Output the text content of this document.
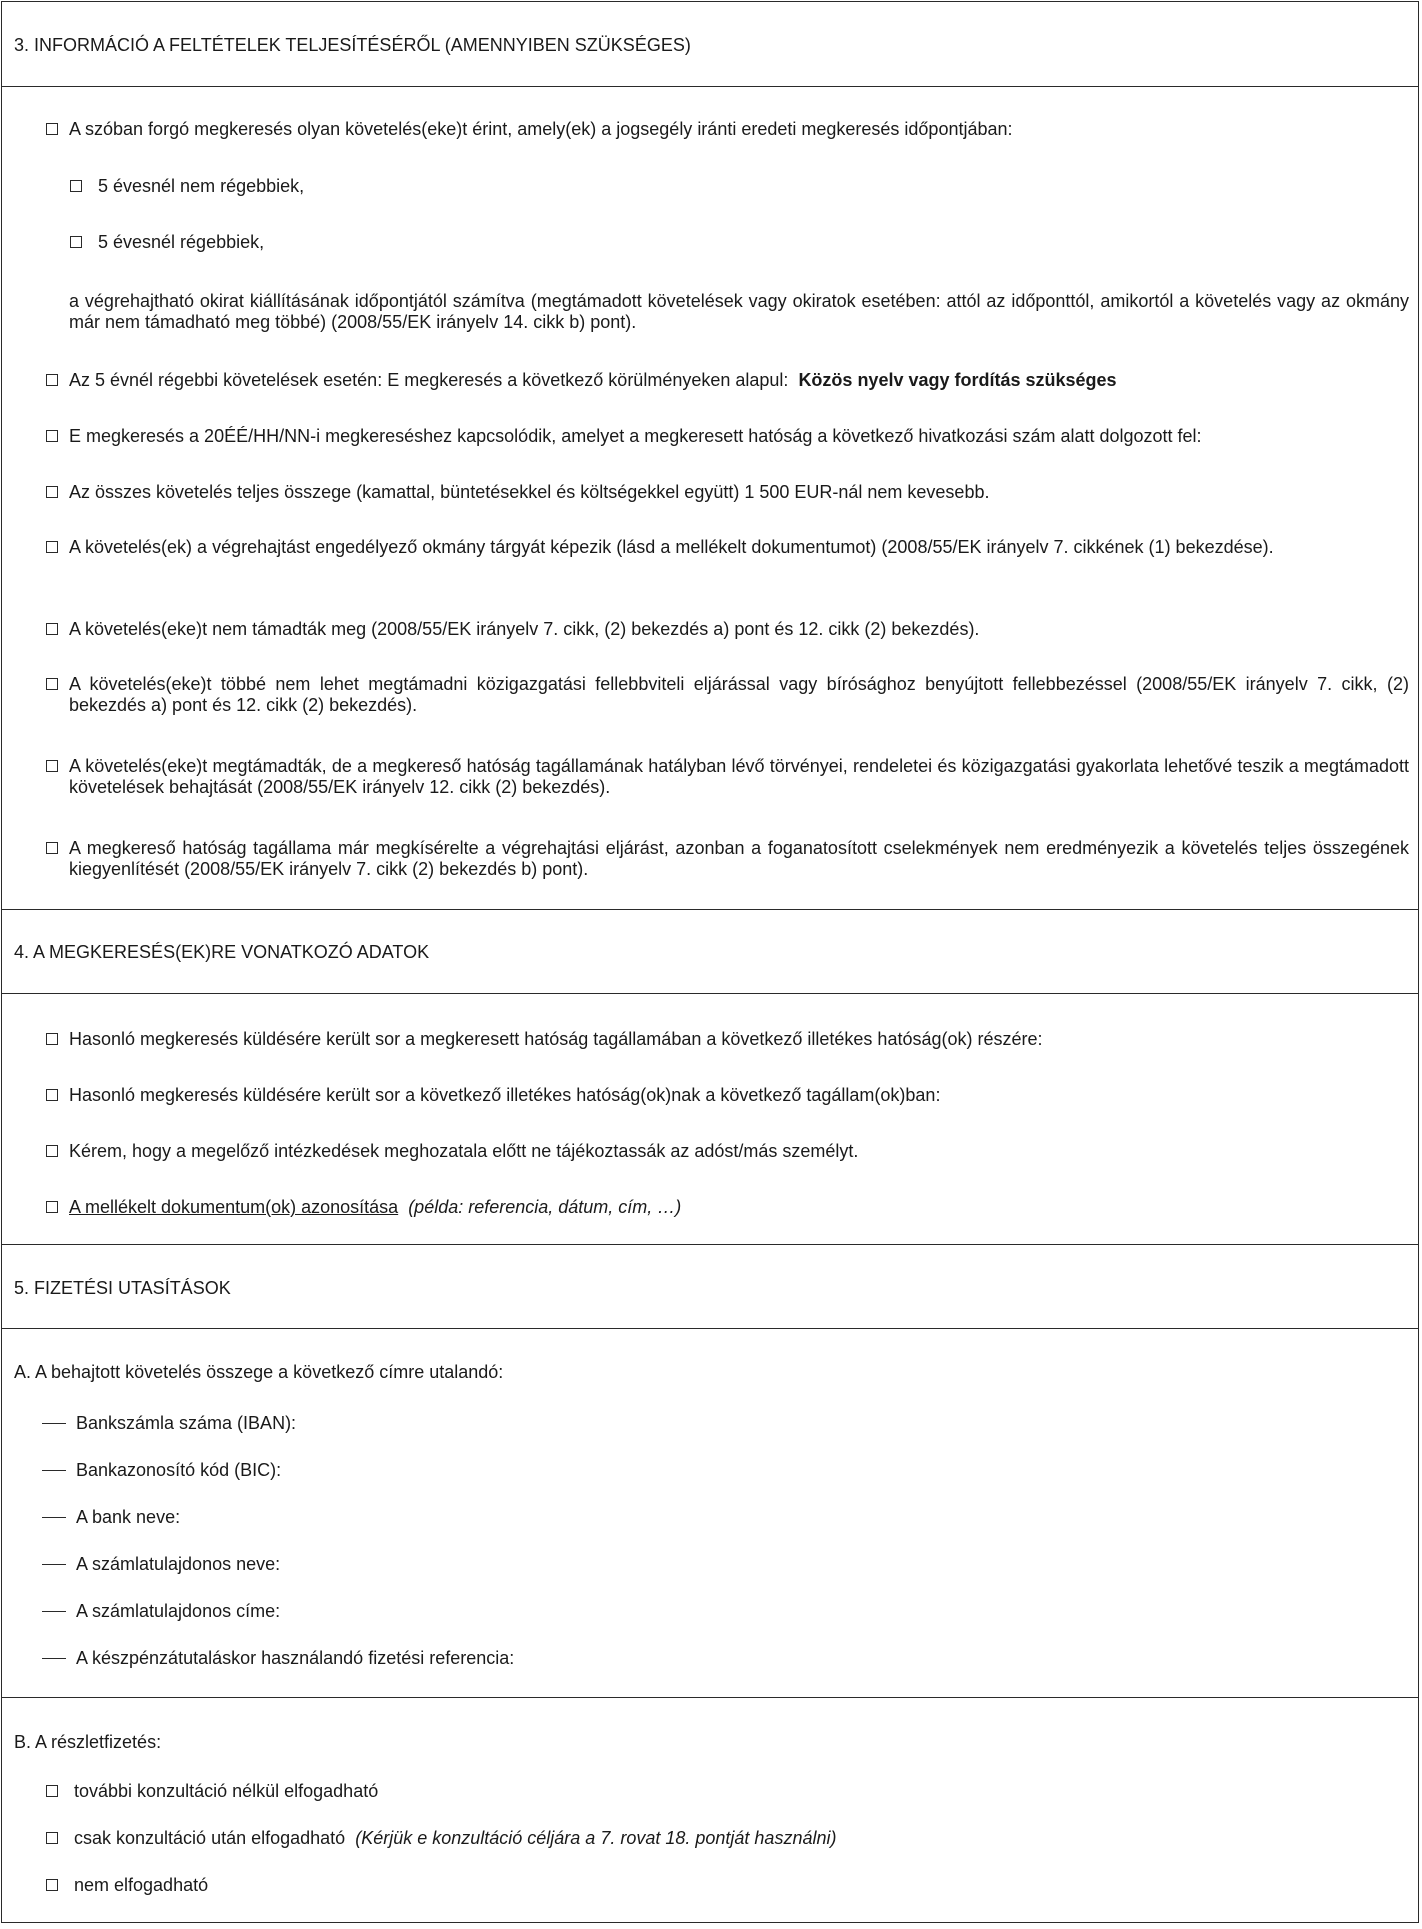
3. INFORMÁCIÓ A FELTÉTELEK TELJESÍTÉSÉRŐL (AMENNYIBEN SZÜKSÉGES)
A szóban forgó megkeresés olyan követelés(eke)t érint, amely(ek) a jogsegély iránti eredeti megkeresés időpontjában:
5 évesnél nem régebbiek,
5 évesnél régebbiek,
a végrehajtható okirat kiállításának időpontjától számítva (megtámadott követelések vagy okiratok esetében: attól az időponttól, amikortól a követelés vagy az okmány már nem támadható meg többé) (2008/55/EK irányelv 14. cikk b) pont).
Az 5 évnél régebbi követelések esetén: E megkeresés a következő körülményeken alapul: Közös nyelv vagy fordítás szükséges
E megkeresés a 20ÉÉ/HH/NN-i megkereséshez kapcsolódik, amelyet a megkeresett hatóság a következő hivatkozási szám alatt dolgozott fel:
Az összes követelés teljes összege (kamattal, büntetésekkel és költségekkel együtt) 1 500 EUR-nál nem kevesebb.
A követelés(ek) a végrehajtást engedélyező okmány tárgyát képezik (lásd a mellékelt dokumentumot) (2008/55/EK irányelv 7. cikkének (1) bekezdése).
A követelés(eke)t nem támadták meg (2008/55/EK irányelv 7. cikk, (2) bekezdés a) pont és 12. cikk (2) bekezdés).
A követelés(eke)t többé nem lehet megtámadni közigazgatási fellebbviteli eljárással vagy bírósághoz benyújtott fellebbezéssel (2008/55/EK irányelv 7. cikk, (2) bekezdés a) pont és 12. cikk (2) bekezdés).
A követelés(eke)t megtámadták, de a megkereső hatóság tagállamának hatályban lévő törvényei, rendeletei és közigazgatási gyakorlata lehetővé teszik a megtámadott követelések behajtását (2008/55/EK irányelv 12. cikk (2) bekezdés).
A megkereső hatóság tagállama már megkísérelte a végrehajtási eljárást, azonban a foganatosított cselekmények nem eredményezik a követelés teljes összegének kiegyenlítését (2008/55/EK irányelv 7. cikk (2) bekezdés b) pont).
4. A MEGKERESÉS(EK)RE VONATKOZÓ ADATOK
Hasonló megkeresés küldésére került sor a megkeresett hatóság tagállamában a következő illetékes hatóság(ok) részére:
Hasonló megkeresés küldésére került sor a következő illetékes hatóság(ok)nak a következő tagállam(ok)ban:
Kérem, hogy a megelőző intézkedések meghozatala előtt ne tájékoztassák az adóst/más személyt.
A mellékelt dokumentum(ok) azonosítása (példa: referencia, dátum, cím, …)
5. FIZETÉSI UTASÍTÁSOK
A. A behajtott követelés összege a következő címre utalandó:
Bankszámla száma (IBAN):
Bankazonosító kód (BIC):
A bank neve:
A számlatulajdonos neve:
A számlatulajdonos címe:
A készpénzátutaláskor használandó fizetési referencia:
B. A részletfizetés:
további konzultáció nélkül elfogadható
csak konzultáció után elfogadható (Kérjük e konzultáció céljára a 7. rovat 18. pontját használni)
nem elfogadható
